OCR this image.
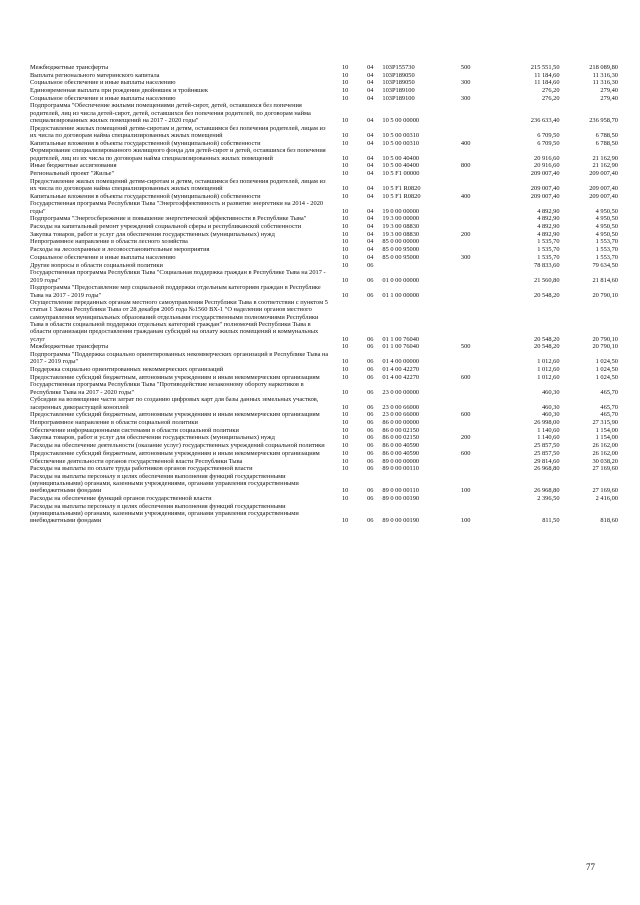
Межбюджетные трансферты	10	04	103P155730	500	215 551,50	218 089,80
Выплата регионального материнского капитала	10	04	103P189050		11 184,60	11 316,30
Социальное обеспечение и иные выплаты населению	10	04	103P189050	300	11 184,60	11 316,30
Единовременная выплата при рождении двойняшек и тройняшек	10	04	103P189100		276,20	279,40
Социальное обеспечение и иные выплаты населению	10	04	103P189100	300	276,20	279,40
Подпрограмма "Обеспечение жилыми помещениями детей-сирот, детей, оставшихся без попечения родителей, лиц из числа детей-сирот, детей, оставшихся без попечения родителей, по договорам найма специализированных жилых помещений на 2017 - 2020 годы"	10	04	10 5 00 00000		236 633,40	236 958,70
Предоставление жилых помещений детям-сиротам и детям, оставшимся без попечения родителей, лицам из их числа по договорам найма специализированных жилых помещений	10	04	10 5 00 00310		6 709,50	6 788,50
Капитальные вложения в объекты государственной (муниципальной) собственности	10	04	10 5 00 00310	400	6 709,50	6 788,50
Формирование специализированного жилищного фонда для детей-сирот и детей, оставшихся без попечения родителей, лиц из их числа по договорам найма специализированных жилых помещений	10	04	10 5 00 40400		20 916,60	21 162,90
Иные бюджетные ассигнования	10	04	10 5 00 40400	800	20 916,60	21 162,90
Региональный проект "Жилье"	10	04	10 5 F1 00000		209 007,40	209 007,40
Предоставление жилых помещений детям-сиротам и детям, оставшимся без попечения родителей, лицам из их числа по договорам найма специализированных жилых помещений	10	04	10 5 F1 R0820		209 007,40	209 007,40
Капитальные вложения в объекты государственной (муниципальной) собственности	10	04	10 5 F1 R0820	400	209 007,40	209 007,40
Государственная программа Республики Тыва "Энергоэффективность и развитие энергетики на 2014 - 2020 годы"	10	04	19 0 00 00000		4 892,90	4 950,50
Подпрограмма "Энергосбережение и повышение энергетической эффективности в Республике Тыва"	10	04	19 3 00 00000		4 892,90	4 950,50
Расходы на капитальный ремонт учреждений социальной сферы и республиканской собственности	10	04	19 3 00 08830		4 892,90	4 950,50
Закупка товаров, работ и услуг для обеспечения государственных (муниципальных) нужд	10	04	19 3 00 08830	200	4 892,90	4 950,50
Непрограммное направление в области лесного хозяйства	10	04	85 0 00 00000		1 535,70	1 553,70
Расходы на лесоохранные и лесовосстановительные мероприятия	10	04	85 0 00 95000		1 535,70	1 553,70
Социальное обеспечение и иные выплаты населению	10	04	85 0 00 95000	300	1 535,70	1 553,70
Другие вопросы в области социальной политики	10	06			78 833,60	79 634,50
Государственная программа Республики Тыва "Социальная поддержка граждан в Республике Тыва на 2017 - 2019 годы"	10	06	01 0 00 00000		21 560,80	21 814,60
Подпрограмма "Предоставление мер социальной поддержки отдельным категориям граждан в Республике Тыва на 2017 - 2019 годы"	10	06	01 1 00 00000		20 548,20	20 790,10
Осуществление переданных органам местного самоуправления Республики Тыва в соответствии с пунктом 5 статьи 1 Закона Республики Тыва от 28 декабря 2005 года №1560 ВХ-1 "О наделении органов местного самоуправления муниципальных образований отдельными государственными полномочиями Республики Тыва в области социальной поддержки отдельных категорий граждан" полномочий Республики Тыва в области организации предоставления гражданам субсидий на оплату жилых помещений и коммунальных услуг	10	06	01 1 00 76040		20 548,20	20 790,10
Межбюджетные трансферты	10	06	01 1 00 76040	500	20 548,20	20 790,10
Подпрограмма "Поддержка социально ориентированных некоммерческих организаций в Республике Тыва на 2017 - 2019 годы"	10	06	01 4 00 00000		1 012,60	1 024,50
Поддержка социально ориентированных некоммерческих организаций	10	06	01 4 00 42270		1 012,60	1 024,50
Предоставление субсидий бюджетным, автономным учреждениям и иным некоммерческим организациям	10	06	01 4 00 42270	600	1 012,60	1 024,50
Государственная программа Республики Тыва "Противодействие незаконному обороту наркотиков в Республике Тыва на 2017 - 2020 годы"	10	06	23 0 00 00000		460,30	465,70
Субсидии на возмещение части затрат по созданию цифровых карт для базы данных земельных участков, засеренных дикорастущей коноплей	10	06	23 0 00 66000		460,30	465,70
Предоставление субсидий бюджетным, автономным учреждениям и иным некоммерческим организациям	10	06	23 0 00 66000	600	460,30	465,70
Непрограммное направление в области социальной политики	10	06	86 0 00 00000		26 998,00	27 315,90
Обеспечение информационными системами в области социальной политики	10	06	86 0 00 02150		1 140,60	1 154,00
Закупка товаров, работ и услуг для обеспечения государственных (муниципальных) нужд	10	06	86 0 00 02150	200	1 140,60	1 154,00
Расходы на обеспечение деятельности (оказание услуг) государственных учреждений социальной политики	10	06	86 0 00 40590		25 857,50	26 162,00
Предоставление субсидий бюджетным, автономным учреждениям и иным некоммерческим организациям	10	06	86 0 00 40590	600	25 857,50	26 162,00
Обеспечение деятельности органов государственной власти Республики Тыва	10	06	89 0 00 00000		29 814,60	30 038,20
Расходы на выплаты по оплате труда работников органов государственной власти	10	06	89 0 00 00110		26 968,80	27 169,60
Расходы на выплаты персоналу в целях обеспечения выполнения функций государственными (муниципальными) органами, казенными учреждениями, органами управления государственными внебюджетными фондами	10	06	89 0 00 00110	100	26 968,80	27 169,60
Расходы на обеспечение функций органов государственной власти	10	06	89 0 00 00190		2 396,50	2 416,00
Расходы на выплаты персоналу в целях обеспечения выполнения функций государственными (муниципальными) органами, казенными учреждениями, органами управления государственными внебюджетными фондами	10	06	89 0 00 00190	100	811,50	818,60
77
